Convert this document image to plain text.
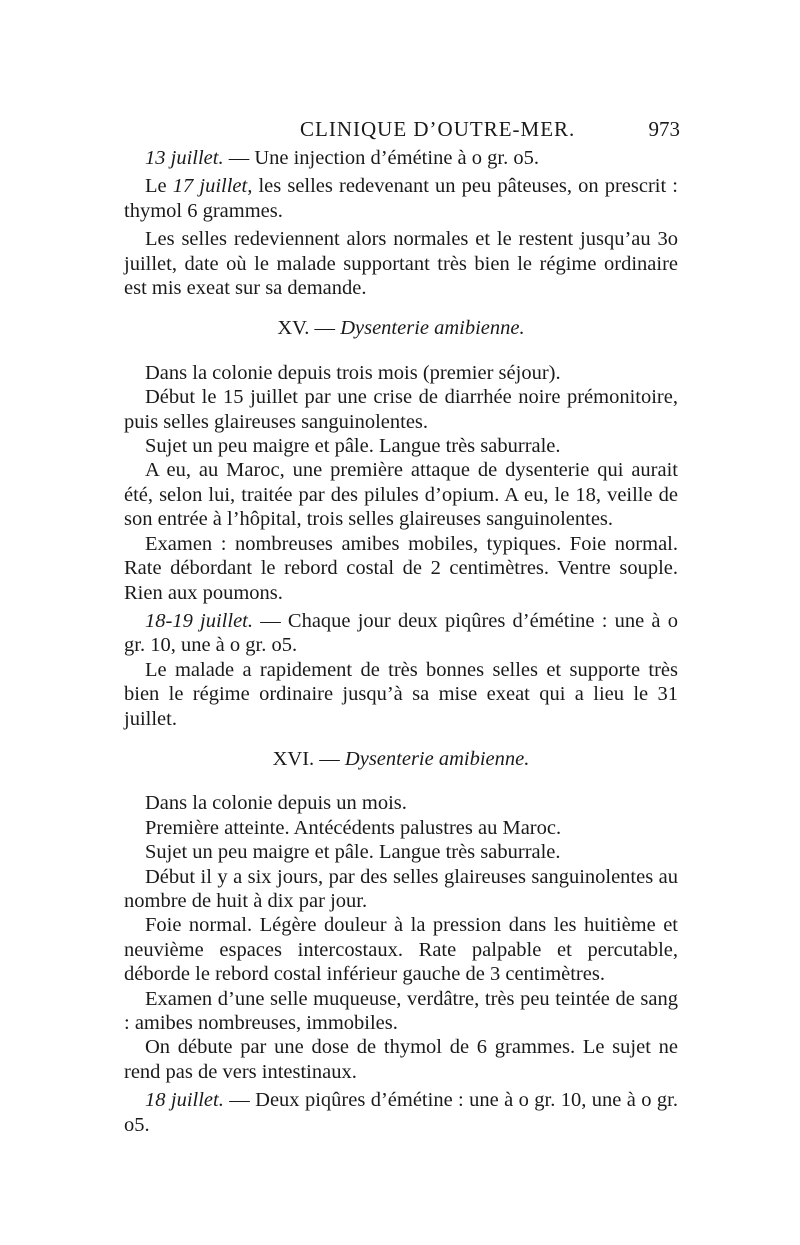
CLINIQUE D’OUTRE-MER.	973

13 juillet. — Une injection d’émétine à o gr. o5.

Le 17 juillet, les selles redevenant un peu pâteuses, on prescrit : thymol 6 grammes.

Les selles redeviennent alors normales et le restent jusqu’au 3o juillet, date où le malade supportant très bien le régime ordinaire est mis exeat sur sa demande.

XV. — Dysenterie amibienne.

Dans la colonie depuis trois mois (premier séjour).

Début le 15 juillet par une crise de diarrhée noire prémonitoire, puis selles glaireuses sanguinolentes.

Sujet un peu maigre et pâle. Langue très saburrale.

A eu, au Maroc, une première attaque de dysenterie qui aurait été, selon lui, traitée par des pilules d’opium. A eu, le 18, veille de son entrée à l’hôpital, trois selles glaireuses sanguinolentes.

Examen : nombreuses amibes mobiles, typiques. Foie normal. Rate débordant le rebord costal de 2 centimètres. Ventre souple. Rien aux poumons.

18-19 juillet. — Chaque jour deux piqûres d’émétine : une à o gr. 10, une à o gr. o5.

Le malade a rapidement de très bonnes selles et supporte très bien le régime ordinaire jusqu’à sa mise exeat qui a lieu le 31 juillet.

XVI. — Dysenterie amibienne.

Dans la colonie depuis un mois.

Première atteinte. Antécédents palustres au Maroc.

Sujet un peu maigre et pâle. Langue très saburrale.

Début il y a six jours, par des selles glaireuses sanguinolentes au nombre de huit à dix par jour.

Foie normal. Légère douleur à la pression dans les huitième et neuvième espaces intercostaux. Rate palpable et percutable, déborde le rebord costal inférieur gauche de 3 centimètres.

Examen d’une selle muqueuse, verdâtre, très peu teintée de sang : amibes nombreuses, immobiles.

On débute par une dose de thymol de 6 grammes. Le sujet ne rend pas de vers intestinaux.

18 juillet. — Deux piqûres d’émétine : une à o gr. 10, une à o gr. o5.
